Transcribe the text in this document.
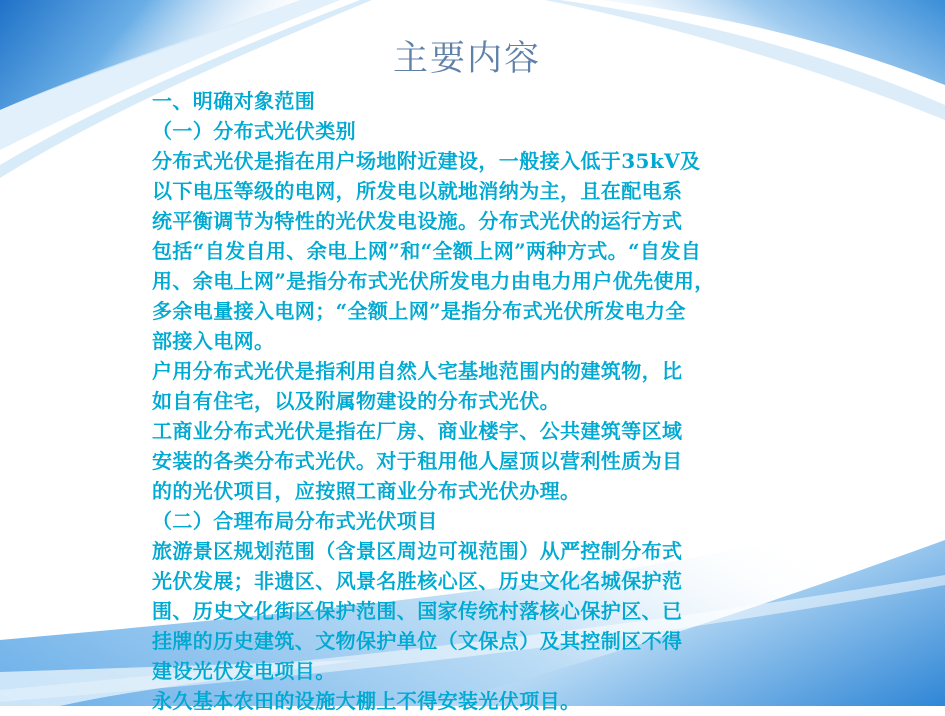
主要内容
一、明确对象范围
（一）分布式光伏类别
分布式光伏是指在用户场地附近建设，一般接入低于35kV及
以下电压等级的电网，所发电以就地消纳为主，且在配电系
统平衡调节为特性的光伏发电设施。分布式光伏的运行方式
包括“自发自用、余电上网”和“全额上网”两种方式。“自发自
用、余电上网”是指分布式光伏所发电力由电力用户优先使用，
多余电量接入电网；“全额上网”是指分布式光伏所发电力全
部接入电网。
户用分布式光伏是指利用自然人宅基地范围内的建筑物，比
如自有住宅，以及附属物建设的分布式光伏。
工商业分布式光伏是指在厂房、商业楼宇、公共建筑等区域
安装的各类分布式光伏。对于租用他人屋顶以营利性质为目
的的光伏项目，应按照工商业分布式光伏办理。
（二）合理布局分布式光伏项目
旅游景区规划范围（含景区周边可视范围）从严控制分布式
光伏发展；非遗区、风景名胜核心区、历史文化名城保护范
围、历史文化街区保护范围、国家传统村落核心保护区、已
挂牌的历史建筑、文物保护单位（文保点）及其控制区不得
建设光伏发电项目。
永久基本农田的设施大棚上不得安装光伏项目。
